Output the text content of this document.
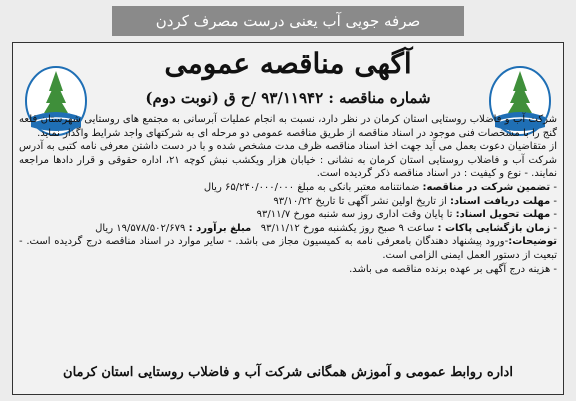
صرفه جویی آب یعنی درست مصرف کردن
آگهی مناقصه عمومی
شماره مناقصه : ۹۳/۱۱۹۴۲ /ح ق (نوبت دوم)

شرکت آب و فاضلاب روستایی استان کرمان در نظر دارد، نسبت به انجام عملیات آبرسانی به مجتمع های روستایی شهرستان قلعه گنج را با مشخصات فنی موجود در اسناد مناقصه از طریق مناقصه عمومی دو مرحله ای به شرکتهای واجد شرایط واگذار نماید.

از متقاضیان دعوت بعمل می آید جهت اخذ اسناد مناقصه ظرف مدت مشخص شده و با در دست داشتن معرفی نامه کتبی به آدرس شرکت آب و فاضلاب روستایی استان کرمان به نشانی : خیابان هزار ویکشب نبش کوچه ۲۱، اداره حقوقی و قرار دادها مراجعه نمایند. - نوع و کیفیت : در اسناد مناقصه ذکر گردیده است.

- تضمین شرکت در مناقصه: ضمانتنامه معتبر بانکی به مبلغ ۶۵/۲۴۰/۰۰۰/۰۰۰ ریال

- مهلت دریافت اسناد: از تاریخ اولین نشر آگهی تا تاریخ ۹۳/۱۰/۲۲

- مهلت تحویل اسناد: تا پایان وقت اداری روز سه شنبه مورخ ۹۳/۱۱/۷

- زمان بازگشایی پاکات : ساعت ۹ صبح روز یکشنبه مورخ ۹۳/۱۱/۱۲   مبلغ برآورد : ۱۹/۵۷۸/۵۰۲/۶۷۹ ریال

توضیحات:-ورود پیشنهاد دهندگان بامعرفی نامه به کمیسیون مجاز می باشد. - سایر موارد در اسناد مناقصه درج گردیده است. - تبعیت از دستور العمل ایمنی الزامی است.

- هزینه درج آگهی بر عهده برنده مناقصه می باشد.

اداره روابط عمومی و آموزش همگانی شرکت آب و فاضلاب روستایی استان کرمان
